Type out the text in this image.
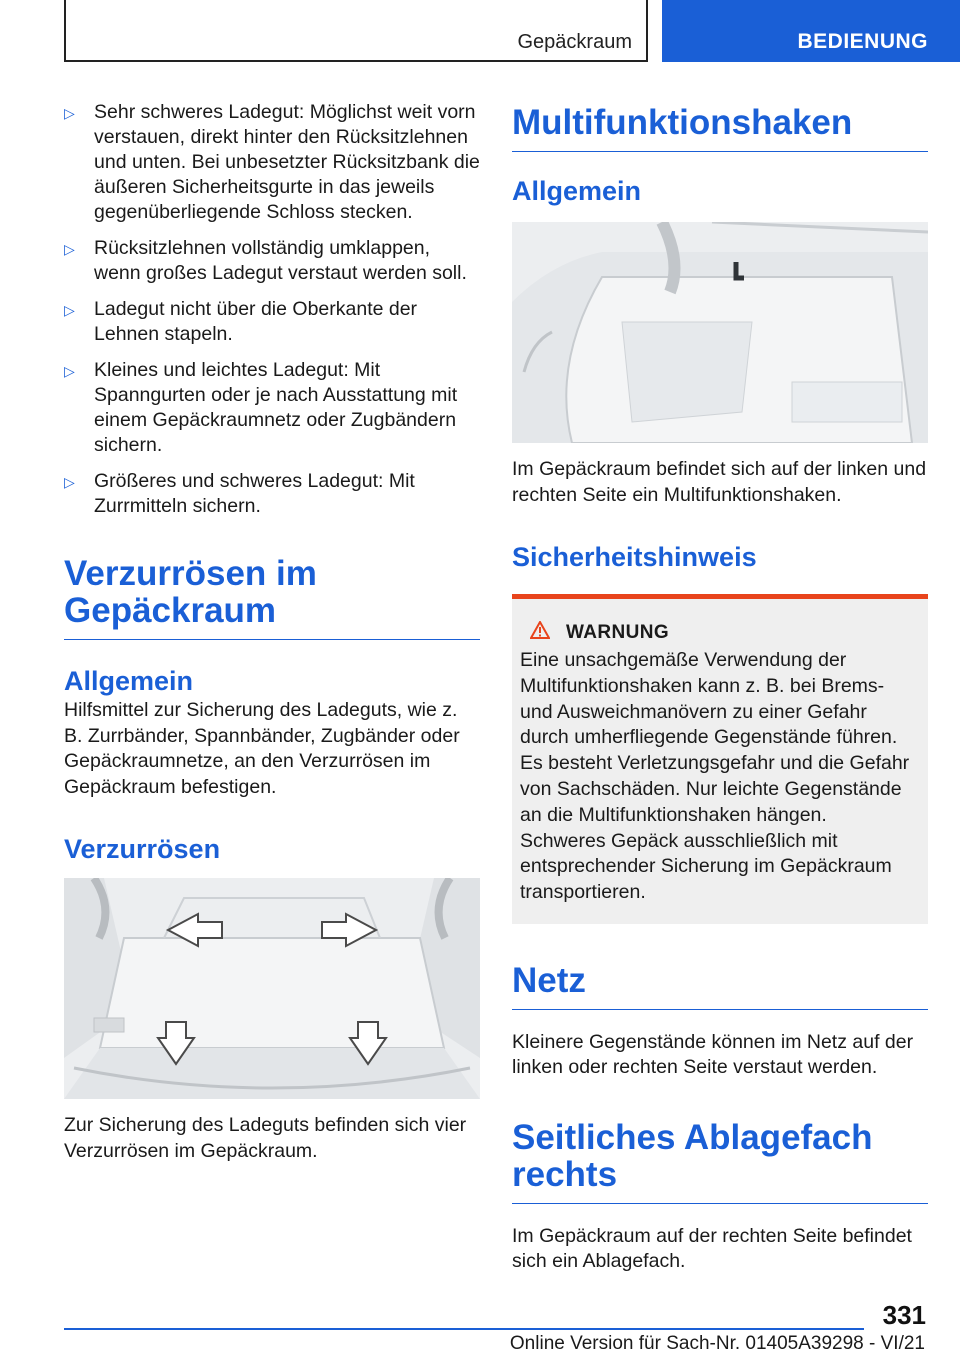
Gepäckraum	BEDIENUNG
▷ Sehr schweres Ladegut: Möglichst weit vorn verstauen, direkt hinter den Rücksitzlehnen und unten. Bei unbesetzter Rücksitzbank die äußeren Sicherheitsgurte in das jeweils gegenüberliegende Schloss stecken.
▷ Rücksitzlehnen vollständig umklappen, wenn großes Ladegut verstaut werden soll.
▷ Ladegut nicht über die Oberkante der Lehnen stapeln.
▷ Kleines und leichtes Ladegut: Mit Spanngurten oder je nach Ausstattung mit einem Gepäckraumnetz oder Zugbändern sichern.
▷ Größeres und schweres Ladegut: Mit Zurrmitteln sichern.
Verzurrösen im Gepäckraum
Allgemein

Hilfsmittel zur Sicherung des Ladeguts, wie z. B. Zurrbänder, Spannbänder, Zugbänder oder Gepäckraumnetze, an den Verzurrösen im Gepäckraum befestigen.

Verzurrösen

Zur Sicherung des Ladeguts befinden sich vier Verzurrösen im Gepäckraum.

Multifunktionshaken
Allgemein

Im Gepäckraum befindet sich auf der linken und rechten Seite ein Multifunktionshaken.

Sicherheitshinweis
WARNUNG
Eine unsachgemäße Verwendung der Multifunktionshaken kann z. B. bei Brems- und Ausweichmanövern zu einer Gefahr durch umherfliegende Gegenstände führen. Es besteht Verletzungsgefahr und die Gefahr von Sachschäden. Nur leichte Gegenstände an die Multifunktionshaken hängen. Schweres Gepäck ausschließlich mit entsprechender Sicherung im Gepäckraum transportieren.
Netz

Kleinere Gegenstände können im Netz auf der linken oder rechten Seite verstaut werden.

Seitliches Ablagefach rechts

Im Gepäckraum auf der rechten Seite befindet sich ein Ablagefach.

331
Online Version für Sach-Nr. 01405A39298 - VI/21
